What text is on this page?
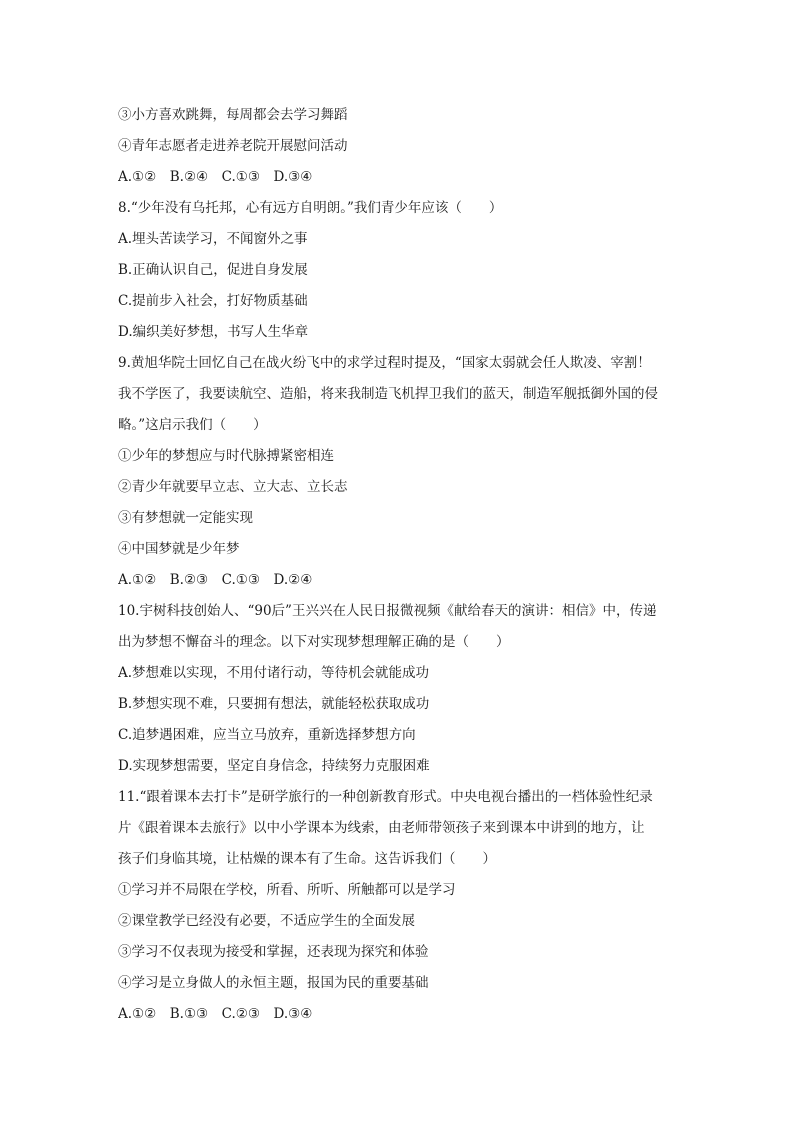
③小方喜欢跳舞，每周都会去学习舞蹈
④青年志愿者走进养老院开展慰问活动
A.①②　B.②④　C.①③　D.③④
8.“少年没有乌托邦，心有远方自明朗。”我们青少年应该（　　）
A.埋头苦读学习，不闻窗外之事
B.正确认识自己，促进自身发展
C.提前步入社会，打好物质基础
D.编织美好梦想，书写人生华章
9.黄旭华院士回忆自己在战火纷飞中的求学过程时提及，“国家太弱就会任人欺凌、宰割！
我不学医了，我要读航空、造船，将来我制造飞机捍卫我们的蓝天，制造军舰抵御外国的侵
略。”这启示我们（　　）
①少年的梦想应与时代脉搏紧密相连
②青少年就要早立志、立大志、立长志
③有梦想就一定能实现
④中国梦就是少年梦
A.①②　B.②③　C.①③　D.②④
10.宇树科技创始人、“90后”王兴兴在人民日报微视频《献给春天的演讲：相信》中，传递
出为梦想不懈奋斗的理念。以下对实现梦想理解正确的是（　　）
A.梦想难以实现，不用付诸行动，等待机会就能成功
B.梦想实现不难，只要拥有想法，就能轻松获取成功
C.追梦遇困难，应当立马放弃，重新选择梦想方向
D.实现梦想需要，坚定自身信念，持续努力克服困难
11.“跟着课本去打卡”是研学旅行的一种创新教育形式。中央电视台播出的一档体验性纪录
片《跟着课本去旅行》以中小学课本为线索，由老师带领孩子来到课本中讲到的地方，让
孩子们身临其境，让枯燥的课本有了生命。这告诉我们（　　）
①学习并不局限在学校，所看、所听、所触都可以是学习
②课堂教学已经没有必要，不适应学生的全面发展
③学习不仅表现为接受和掌握，还表现为探究和体验
④学习是立身做人的永恒主题，报国为民的重要基础
A.①②　B.①③　C.②③　D.③④
